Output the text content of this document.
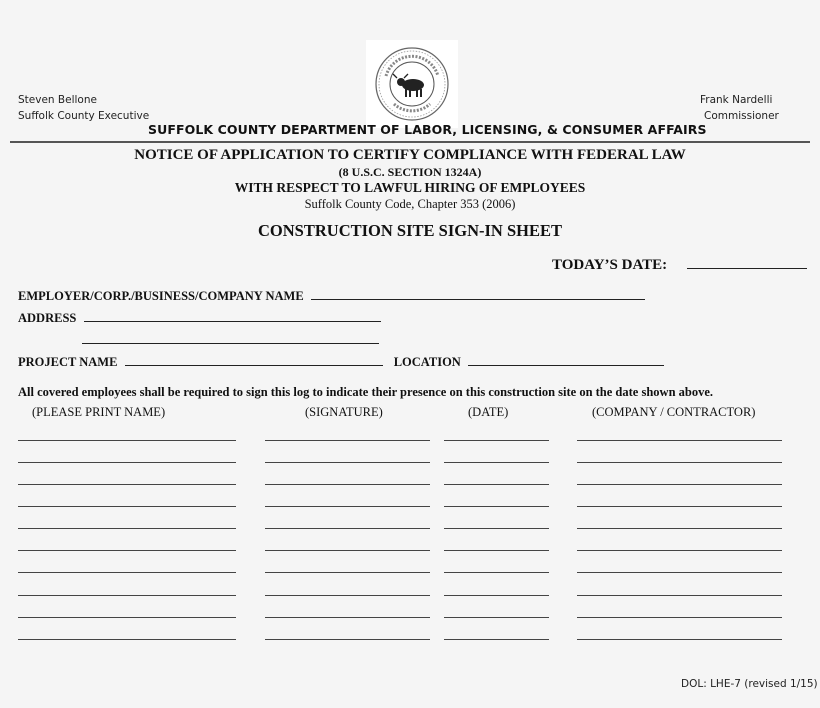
Steven Bellone
Suffolk County Executive
Frank Nardelli
Commissioner
SUFFOLK COUNTY DEPARTMENT OF LABOR, LICENSING, & CONSUMER AFFAIRS
NOTICE OF APPLICATION TO CERTIFY COMPLIANCE WITH FEDERAL LAW
(8 U.S.C. SECTION 1324A)
WITH RESPECT TO LAWFUL HIRING OF EMPLOYEES
Suffolk County Code, Chapter 353 (2006)
CONSTRUCTION SITE SIGN-IN SHEET
TODAY’S DATE:
EMPLOYER/CORP./BUSINESS/COMPANY NAME
ADDRESS
PROJECT NAME	LOCATION
All covered employees shall be required to sign this log to indicate their presence on this construction site on the date shown above.
(PLEASE PRINT NAME)	(SIGNATURE)	(DATE)	(COMPANY / CONTRACTOR)
DOL: LHE-7 (revised 1/15)
